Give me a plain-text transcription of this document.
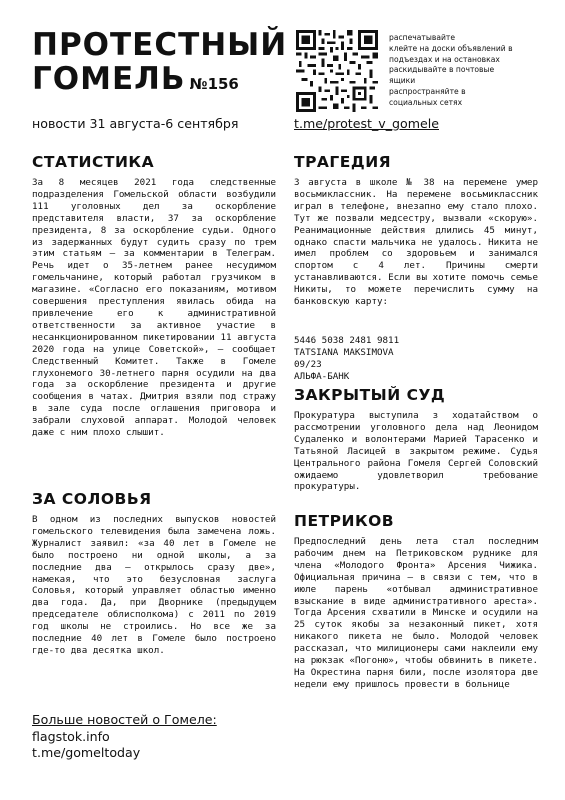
ПРОТЕСТНЫЙ
ГОМЕЛЬ №156
распечатывайте
клейте на доски объявлений в
подъездах и на остановках
раскидывайте в почтовые
ящики
распространяйте в
социальных сетях
новости 31 августа-6 сентября	t.me/protest_v_gomele
СТАТИСТИКА
За 8 месяцев 2021 года следственные подразделения Гомельской области возбудили 111 уголовных дел за оскорбление представителя власти, 37 за оскорбление президента, 8 за оскорбление судьи. Одного из задержанных будут судить сразу по трем этим статьям — за комментарии в Телеграм. Речь идет о 35-летнем ранее несудимом гомельчанине, который работал грузчиком в магазине. «Согласно его показаниям, мотивом совершения преступления явилась обида на привлечение его к административной ответственности за активное участие в несанкционированном пикетировании 11 августа 2020 года на улице Советской», — сообщает Следственный Комитет. Также в Гомеле глухонемого 30-летнего парня осудили на два года за оскорбление президента и другие сообщения в чатах. Дмитрия взяли под стражу в зале суда после оглашения приговора и забрали слуховой аппарат. Молодой человек даже с ним плохо слышит.
ЗА СОЛОВЬЯ
В одном из последних выпусков новостей гомельского телевидения была замечена ложь. Журналист заявил: «за 40 лет в Гомеле не было построено ни одной школы, а за последние два — открылось сразу две», намекая, что это безусловная заслуга Соловья, который управляет областью именно два года. Да, при Дворнике (предыдущем председателе облисполкома) с 2011 по 2019 год школы не строились. Но все же за последние 40 лет в Гомеле было построено где-то два десятка школ.
ТРАГЕДИЯ
3 августа в школе № 38 на перемене умер восьмиклассник. На перемене восьмиклассник играл в телефоне, внезапно ему стало плохо. Тут же позвали медсестру, вызвали «скорую». Реанимационные действия длились 45 минут, однако спасти мальчика не удалось. Никита не имел проблем со здоровьем и занимался спортом с 4 лет. Причины смерти устанавливаются. Если вы хотите помочь семье Никиты, то можете перечислить сумму на банковскую карту:
5446 5038 2481 9811
TATSIANA MAKSIMOVA
09/23
АЛЬФА-БАНК
ЗАКРЫТЫЙ СУД
Прокуратура выступила з ходатайством о рассмотрении уголовного дела над Леонидом Судаленко и волонтерами Марией Тарасенко и Татьяной Ласицей в закрытом режиме. Судья Центрального района Гомеля Сергей Соловский ожидаемо удовлетворил требование прокуратуры.
ПЕТРИКОВ
Предпоследний день лета стал последним рабочим днем на Петриковском руднике для члена «Молодого Фронта» Арсения Чижика. Официальная причина — в связи с тем, что в июле парень «отбывал административное взыскание в виде административного ареста». Тогда Арсения схватили в Минске и осудили на 25 суток якобы за незаконный пикет, хотя никакого пикета не было. Молодой человек рассказал, что милиционеры сами наклеили ему на рюкзак «Погоню», чтобы обвинить в пикете. На Окрестина парня били, после изолятора две недели ему пришлось провести в больнице
Больше новостей о Гомеле:
flagstok.info
t.me/gomeltoday
